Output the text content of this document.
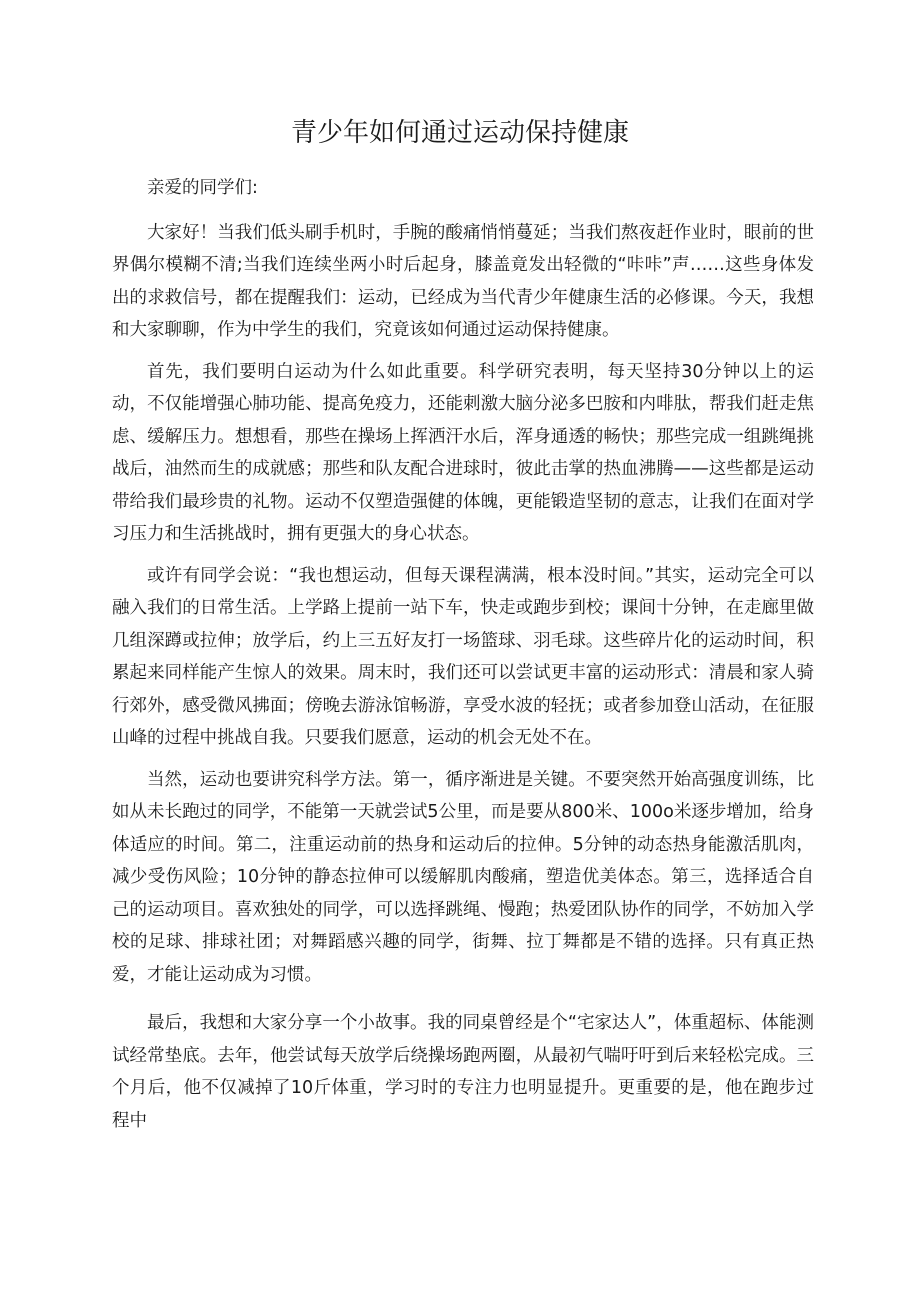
青少年如何通过运动保持健康

亲爱的同学们:

大家好！当我们低头刷手机时，手腕的酸痛悄悄蔓延；当我们熬夜赶作业时，眼前的世界偶尔模糊不清;当我们连续坐两小时后起身，膝盖竟发出轻微的“咔咔”声……这些身体发出的求救信号，都在提醒我们：运动，已经成为当代青少年健康生活的必修课。今天，我想和大家聊聊，作为中学生的我们，究竟该如何通过运动保持健康。

首先，我们要明白运动为什么如此重要。科学研究表明，每天坚持30分钟以上的运动，不仅能增强心肺功能、提高免疫力，还能刺激大脑分泌多巴胺和内啡肽，帮我们赶走焦虑、缓解压力。想想看，那些在操场上挥洒汗水后，浑身通透的畅快；那些完成一组跳绳挑战后，油然而生的成就感；那些和队友配合进球时，彼此击掌的热血沸腾——这些都是运动带给我们最珍贵的礼物。运动不仅塑造强健的体魄，更能锻造坚韧的意志，让我们在面对学习压力和生活挑战时，拥有更强大的身心状态。

或许有同学会说：“我也想运动，但每天课程满满，根本没时间。”其实，运动完全可以融入我们的日常生活。上学路上提前一站下车，快走或跑步到校；课间十分钟，在走廊里做几组深蹲或拉伸；放学后，约上三五好友打一场篮球、羽毛球。这些碎片化的运动时间，积累起来同样能产生惊人的效果。周末时，我们还可以尝试更丰富的运动形式：清晨和家人骑行郊外，感受微风拂面；傍晚去游泳馆畅游，享受水波的轻抚；或者参加登山活动，在征服山峰的过程中挑战自我。只要我们愿意，运动的机会无处不在。

当然，运动也要讲究科学方法。第一，循序渐进是关键。不要突然开始高强度训练，比如从未长跑过的同学，不能第一天就尝试5公里，而是要从800米、100o米逐步增加，给身体适应的时间。第二，注重运动前的热身和运动后的拉伸。5分钟的动态热身能激活肌肉，减少受伤风险；10分钟的静态拉伸可以缓解肌肉酸痛，塑造优美体态。第三，选择适合自己的运动项目。喜欢独处的同学，可以选择跳绳、慢跑；热爱团队协作的同学，不妨加入学校的足球、排球社团；对舞蹈感兴趣的同学，街舞、拉丁舞都是不错的选择。只有真正热爱，才能让运动成为习惯。

最后，我想和大家分享一个小故事。我的同桌曾经是个“宅家达人”，体重超标、体能测试经常垫底。去年，他尝试每天放学后绕操场跑两圈，从最初气喘吁吁到后来轻松完成。三个月后，他不仅减掉了10斤体重，学习时的专注力也明显提升。更重要的是，他在跑步过程中
